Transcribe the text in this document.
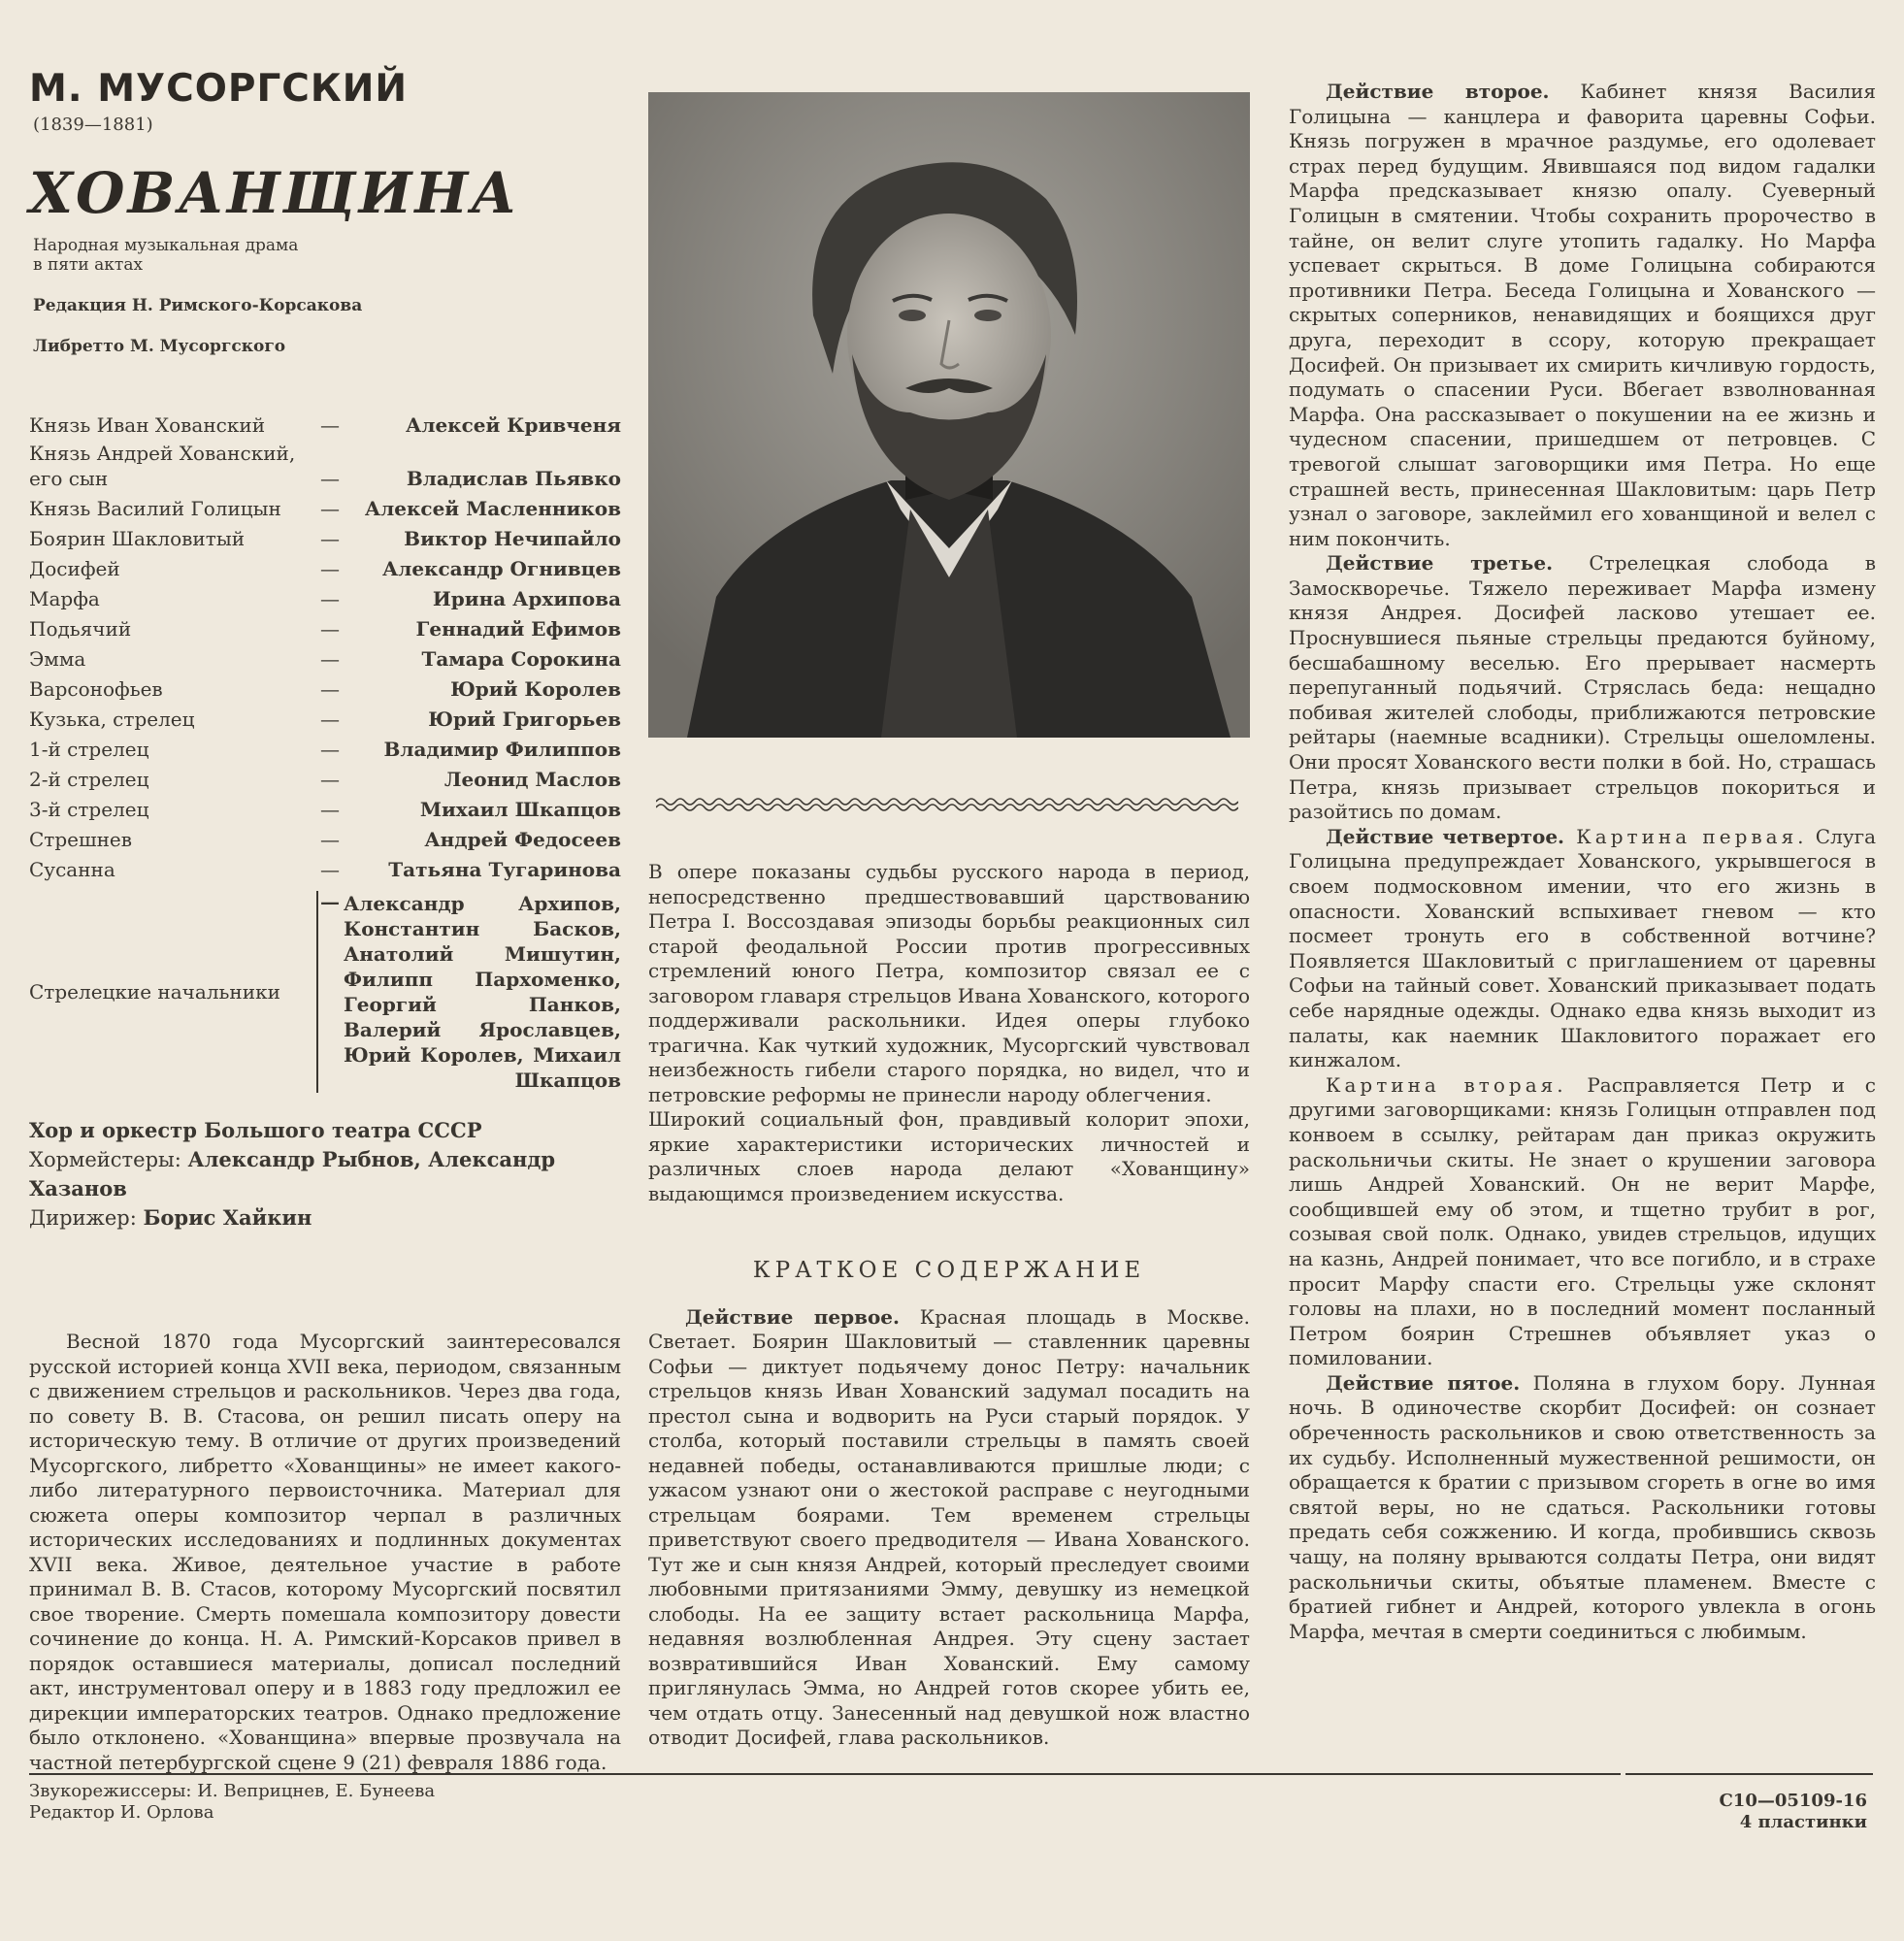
М. МУСОРГСКИЙ
(1839—1881)
ХОВАНЩИНА
Народная музыкальная драма
в пяти актах
Редакция Н. Римского-Корсакова
Либретто М. Мусоргского
Князь Иван Хованский	—	Алексей Кривченя
Князь Андрей Хованский,
его сын	—	Владислав Пьявко
Князь Василий Голицын	—	Алексей Масленников
Боярин Шакловитый	—	Виктор Нечипайло
Досифей	—	Александр Огнивцев
Марфа	—	Ирина Архипова
Подьячий	—	Геннадий Ефимов
Эмма	—	Тамара Сорокина
Варсонофьев	—	Юрий Королев
Кузька, стрелец	—	Юрий Григорьев
1-й стрелец	—	Владимир Филиппов
2-й стрелец	—	Леонид Маслов
3-й стрелец	—	Михаил Шкапцов
Стрешнев	—	Андрей Федосеев
Сусанна	—	Татьяна Тугаринова
Стрелецкие начальники
— Александр Архипов, Константин Басков, Анатолий Мишутин, Филипп Пархоменко, Георгий Панков, Валерий Ярославцев, Юрий Королев, Михаил Шкапцов
Хор и оркестр Большого театра СССР
Хормейстеры: Александр Рыбнов, Александр Хазанов
Дирижер: Борис Хайкин

Весной 1870 года Мусоргский заинтересовался русской историей конца XVII века, периодом, связанным с движением стрельцов и раскольников. Через два года, по совету В. В. Стасова, он решил писать оперу на историческую тему. В отличие от других произведений Мусоргского, либретто «Хованщины» не имеет какого-либо литературного первоисточника. Материал для сюжета оперы композитор черпал в различных исторических исследованиях и подлинных документах XVII века. Живое, деятельное участие в работе принимал В. В. Стасов, которому Мусоргский посвятил свое творение. Смерть помешала композитору довести сочинение до конца. Н. А. Римский-Корсаков привел в порядок оставшиеся материалы, дописал последний акт, инструментовал оперу и в 1883 году предложил ее дирекции императорских театров. Однако предложение было отклонено. «Хованщина» впервые прозвучала на частной петербургской сцене 9 (21) февраля 1886 года.

В опере показаны судьбы русского народа в период, непосредственно предшествовавший царствованию Петра I. Воссоздавая эпизоды борьбы реакционных сил старой феодальной России против прогрессивных стремлений юного Петра, композитор связал ее с заговором главаря стрельцов Ивана Хованского, которого поддерживали раскольники. Идея оперы глубоко трагична. Как чуткий художник, Мусоргский чувствовал неизбежность гибели старого порядка, но видел, что и петровские реформы не принесли народу облегчения.

Широкий социальный фон, правдивый колорит эпохи, яркие характеристики исторических личностей и различных слоев народа делают «Хованщину» выдающимся произведением искусства.

КРАТКОЕ СОДЕРЖАНИЕ

Действие первое. Красная площадь в Москве. Светает. Боярин Шакловитый — ставленник царевны Софьи — диктует подьячему донос Петру: начальник стрельцов князь Иван Хованский задумал посадить на престол сына и водворить на Руси старый порядок. У столба, который поставили стрельцы в память своей недавней победы, останавливаются пришлые люди; с ужасом узнают они о жестокой расправе с неугодными стрельцам боярами. Тем временем стрельцы приветствуют своего предводителя — Ивана Хованского. Тут же и сын князя Андрей, который преследует своими любовными притязаниями Эмму, девушку из немецкой слободы. На ее защиту встает раскольница Марфа, недавняя возлюбленная Андрея. Эту сцену застает возвратившийся Иван Хованский. Ему самому приглянулась Эмма, но Андрей готов скорее убить ее, чем отдать отцу. Занесенный над девушкой нож властно отводит Досифей, глава раскольников.

Действие второе. Кабинет князя Василия Голицына — канцлера и фаворита царевны Софьи. Князь погружен в мрачное раздумье, его одолевает страх перед будущим. Явившаяся под видом гадалки Марфа предсказывает князю опалу. Суеверный Голицын в смятении. Чтобы сохранить пророчество в тайне, он велит слуге утопить гадалку. Но Марфа успевает скрыться. В доме Голицына собираются противники Петра. Беседа Голицына и Хованского — скрытых соперников, ненавидящих и боящихся друг друга, переходит в ссору, которую прекращает Досифей. Он призывает их смирить кичливую гордость, подумать о спасении Руси. Вбегает взволнованная Марфа. Она рассказывает о покушении на ее жизнь и чудесном спасении, пришедшем от петровцев. С тревогой слышат заговорщики имя Петра. Но еще страшней весть, принесенная Шакловитым: царь Петр узнал о заговоре, заклеймил его хованщиной и велел с ним покончить.

Действие третье. Стрелецкая слобода в Замоскворечье. Тяжело переживает Марфа измену князя Андрея. Досифей ласково утешает ее. Проснувшиеся пьяные стрельцы предаются буйному, бесшабашному веселью. Его прерывает насмерть перепуганный подьячий. Стряслась беда: нещадно побивая жителей слободы, приближаются петровские рейтары (наемные всадники). Стрельцы ошеломлены. Они просят Хованского вести полки в бой. Но, страшась Петра, князь призывает стрельцов покориться и разойтись по домам.

Действие четвертое. Картина первая. Слуга Голицына предупреждает Хованского, укрывшегося в своем подмосковном имении, что его жизнь в опасности. Хованский вспыхивает гневом — кто посмеет тронуть его в собственной вотчине? Появляется Шакловитый с приглашением от царевны Софьи на тайный совет. Хованский приказывает подать себе нарядные одежды. Однако едва князь выходит из палаты, как наемник Шакловитого поражает его кинжалом.

Картина вторая. Расправляется Петр и с другими заговорщиками: князь Голицын отправлен под конвоем в ссылку, рейтарам дан приказ окружить раскольничьи скиты. Не знает о крушении заговора лишь Андрей Хованский. Он не верит Марфе, сообщившей ему об этом, и тщетно трубит в рог, созывая свой полк. Однако, увидев стрельцов, идущих на казнь, Андрей понимает, что все погибло, и в страхе просит Марфу спасти его. Стрельцы уже склонят головы на плахи, но в последний момент посланный Петром боярин Стрешнев объявляет указ о помиловании.

Действие пятое. Поляна в глухом бору. Лунная ночь. В одиночестве скорбит Досифей: он сознает обреченность раскольников и свою ответственность за их судьбу. Исполненный мужественной решимости, он обращается к братии с призывом сгореть в огне во имя святой веры, но не сдаться. Раскольники готовы предать себя сожжению. И когда, пробившись сквозь чащу, на поляну врываются солдаты Петра, они видят раскольничьи скиты, объятые пламенем. Вместе с братией гибнет и Андрей, которого увлекла в огонь Марфа, мечтая в смерти соединиться с любимым.

Звукорежиссеры: И. Веприцнев, Е. Бунеева
Редактор И. Орлова
С10—05109-16
4 пластинки
